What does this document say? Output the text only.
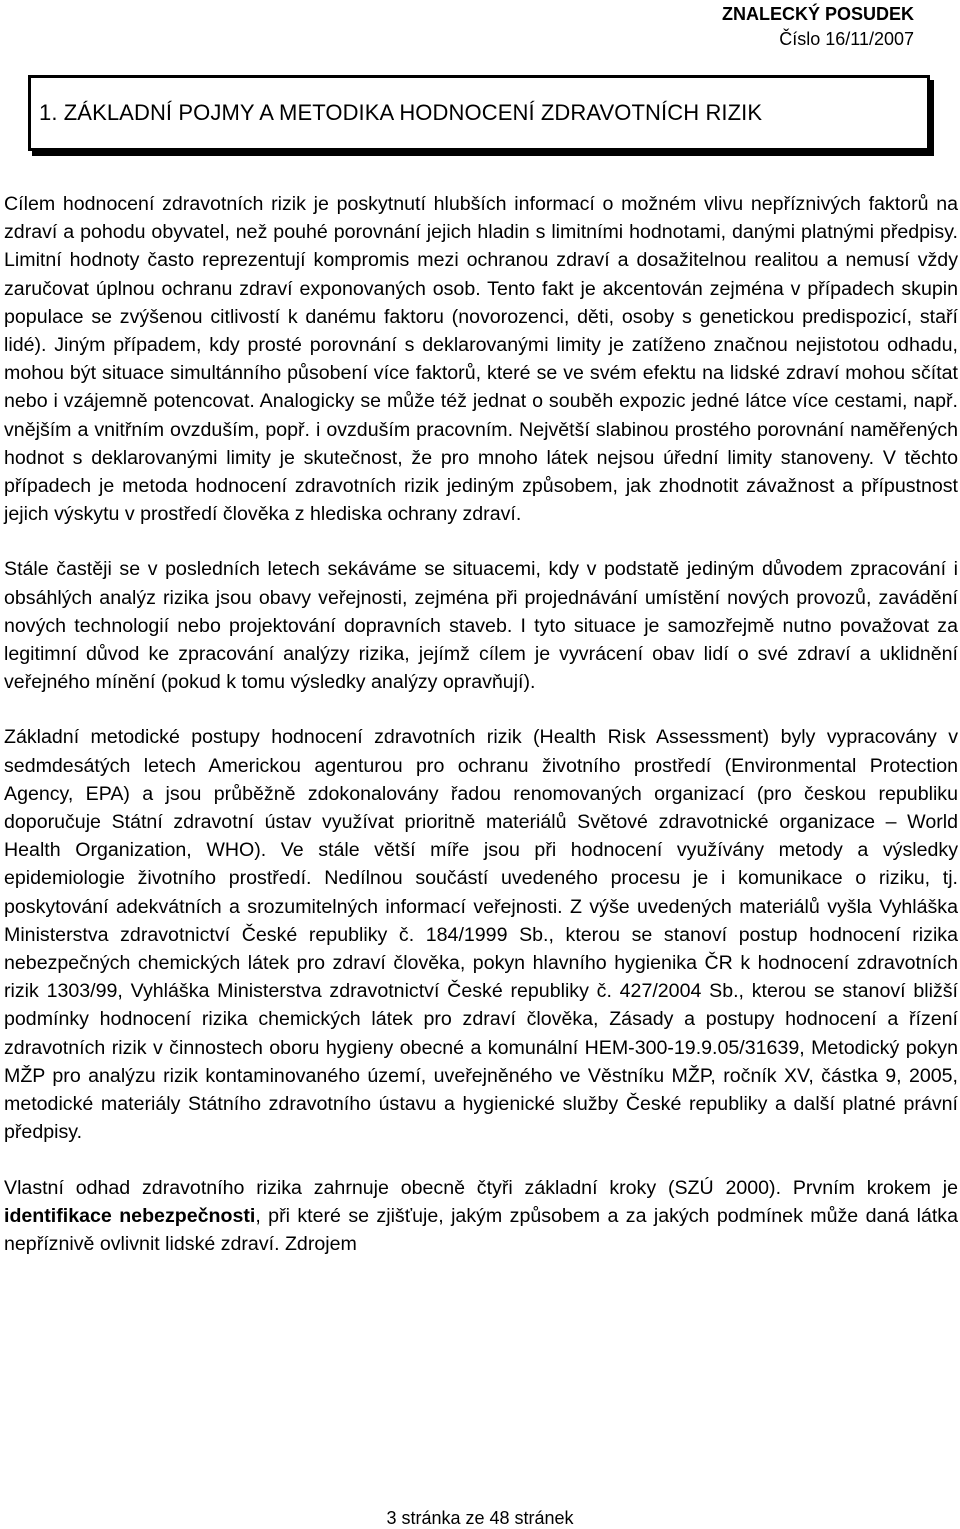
ZNALECKÝ POSUDEK
Číslo 16/11/2007
1. ZÁKLADNÍ POJMY A METODIKA HODNOCENÍ ZDRAVOTNÍCH RIZIK

Cílem hodnocení zdravotních rizik je poskytnutí hlubších informací o možném vlivu nepříznivých faktorů na zdraví a pohodu obyvatel, než pouhé porovnání jejich hladin s limitními hodnotami, danými platnými předpisy. Limitní hodnoty často reprezentují kompromis mezi ochranou zdraví a dosažitelnou realitou a nemusí vždy zaručovat úplnou ochranu zdraví exponovaných osob. Tento fakt je akcentován zejména v případech skupin populace se zvýšenou citlivostí k danému faktoru (novorozenci, děti, osoby s genetickou predispozicí, staří lidé). Jiným případem, kdy prosté porovnání s deklarovanými limity je zatíženo značnou nejistotou odhadu, mohou být situace simultánního působení více faktorů, které se ve svém efektu na lidské zdraví mohou sčítat nebo i vzájemně potencovat. Analogicky se může též jednat o souběh expozic jedné látce více cestami, např. vnějším a vnitřním ovzduším, popř. i ovzduším pracovním. Největší slabinou prostého porovnání naměřených hodnot s deklarovanými limity je skutečnost, že pro mnoho látek nejsou úřední limity stanoveny. V těchto případech je metoda hodnocení zdravotních rizik jediným způsobem, jak zhodnotit závažnost a přípustnost jejich výskytu v prostředí člověka z hlediska ochrany zdraví.

Stále častěji se v posledních letech sekáváme se situacemi, kdy v podstatě jediným důvodem zpracování i obsáhlých analýz rizika jsou obavy veřejnosti, zejména při projednávání umístění nových provozů, zavádění nových technologií nebo projektování dopravních staveb. I tyto situace je samozřejmě nutno považovat za legitimní důvod ke zpracování analýzy rizika, jejímž cílem je vyvrácení obav lidí o své zdraví a uklidnění veřejného mínění (pokud k tomu výsledky analýzy opravňují).

Základní metodické postupy hodnocení zdravotních rizik (Health Risk Assessment) byly vypracovány v sedmdesátých letech Americkou agenturou pro ochranu životního prostředí (Environmental Protection Agency, EPA) a jsou průběžně zdokonalovány řadou renomovaných organizací (pro českou republiku doporučuje Státní zdravotní ústav využívat prioritně materiálů Světové zdravotnické organizace – World Health Organization, WHO). Ve stále větší míře jsou při hodnocení využívány metody a výsledky epidemiologie životního prostředí. Nedílnou součástí uvedeného procesu je i komunikace o riziku, tj. poskytování adekvátních a srozumitelných informací veřejnosti. Z výše uvedených materiálů vyšla Vyhláška Ministerstva zdravotnictví České republiky č. 184/1999 Sb., kterou se stanoví postup hodnocení rizika nebezpečných chemických látek pro zdraví člověka, pokyn hlavního hygienika ČR k hodnocení zdravotních rizik 1303/99, Vyhláška Ministerstva zdravotnictví České republiky č. 427/2004 Sb., kterou se stanoví bližší podmínky hodnocení rizika chemických látek pro zdraví člověka, Zásady a postupy hodnocení a řízení zdravotních rizik v činnostech oboru hygieny obecné a komunální HEM-300-19.9.05/31639, Metodický pokyn MŽP pro analýzu rizik kontaminovaného území, uveřejněného ve Věstníku MŽP, ročník XV, částka 9, 2005, metodické materiály Státního zdravotního ústavu a hygienické služby České republiky a další platné právní předpisy.

Vlastní odhad zdravotního rizika zahrnuje obecně čtyři základní kroky (SZÚ 2000). Prvním krokem je identifikace nebezpečnosti, při které se zjišťuje, jakým způsobem a za jakých podmínek může daná látka nepříznivě ovlivnit lidské zdraví. Zdrojem

3 stránka ze 48 stránek
